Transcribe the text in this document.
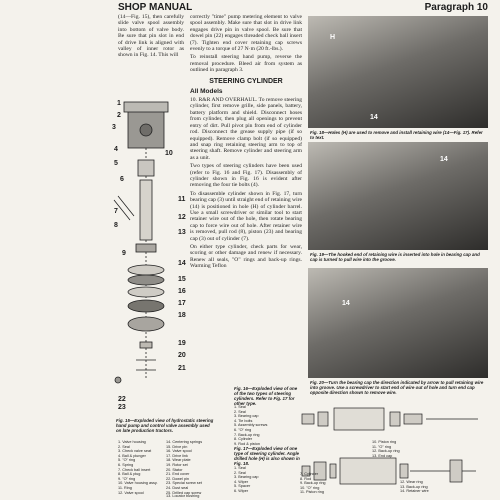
SHOP MANUAL	Paragraph 10

(14—Fig. 15), then carefully slide valve spool assembly into bottom of valve body. Be sure that pin slot in end of drive link is aligned with valley of inner rotor as shown in Fig. 14. This will

correctly "time" pump metering element to valve spool assembly. Make sure that slot in drive link engages drive pin in valve spool. Be sure that dowel pin (22) engages threaded check ball insert (7). Tighten end cover retaining cap screws evenly to a torque of 27 N·m (20 ft.-lbs.).

To reinstall steering hand pump, reverse the removal procedure. Bleed air from system as outlined in paragraph 3.

STEERING CYLINDER
All Models

10. R&R AND OVERHAUL. To remove steering cylinder, first remove grille, side panels, battery, battery platform and shield. Disconnect hoses from cylinder, then plug all openings to prevent entry of dirt. Pull pivot pin from end of cylinder rod. Disconnect the grease supply pipe (if so equipped). Remove clamp bolt (if so equipped) and snap ring retaining steering arm to top of steering shaft. Remove cylinder and steering arm as a unit.

Two types of steering cylinders have been used (refer to Fig. 16 and Fig. 17). Disassembly of cylinder shown in Fig. 16 is evident after removing the four tie bolts (4).

To disassemble cylinder shown in Fig. 17, turn bearing cap (3) until straight end of retaining wire (14) is positioned in hole (H) of cylinder barrel. Use a small screwdriver or similar tool to start retainer wire out of the hole, then rotate bearing cap to force wire out of hole. After retainer wire is removed, pull rod (8), piston (23) and bearing cap (3) out of cylinder (7).

On either type cylinder, check parts for wear, scoring or other damage and renew if necessary. Renew all seals, "O" rings and back-up rings. Warming Teflon

1
2
3
4
5
6
7
8
9
10
11
12
13
14
15
16
17
18
19
20
21
22
23
Fig. 15—Exploded view of hydrostatic steering hand pump and control valve assembly used on late production tractors.
1. Valve housing
2. Seal
3. Check valve seat
4. Ball & plunger
5. "O" ring
6. Spring
7. Check ball insert
8. Ball & plug
9. "O" ring
10. Valve housing assy.
11. Ring
12. Valve spool
14. Centering springs
15. Drive pin
16. Valve spool
17. Drive link
18. Wear plate
19. Rotor set
20. Stator
21. End cover
22. Dowel pin
23. Special screw set
24. Dust seal
25. Drilled cap screw
13. Locator bushing
H
14
Fig. 18—Holes (H) are used to remove and install retaining wire (14—Fig. 17). Refer to text.
14
Fig. 19—The hooked end of retaining wire is inserted into hole in bearing cap and cap is turned to pull wire into the groove.
14
Fig. 20—Turn the bearing cap the direction indicated by arrow to pull retaining wire into groove. Use a screwdriver to start end of wire out of hole and turn end cap opposite direction shown to remove wire.
Fig. 16—Exploded view of one of the two types of steering cylinders. Refer to Fig. 17 for other type.
1. Seal
2. Seal
3. Bearing cap
4. Tie bolts
5. Assembly screws
6. "O" ring
7. Back-up ring
8. Cylinder
9. Rod & piston	10. Piston ring
11. "O" ring
12. Back-up ring
13. End cap
Fig. 17—Exploded view of one type of steering cylinder. Angle drilled hole (H) is also shown in Fig. 18.
1. Seal
2. Seal
3. Bearing cap
4. Wiper
5. Spacer
6. Wiper
7. Cylinder
8. Rod
9. Back-up ring
10. "O" ring
11. Piston ring
12. Wear ring
13. Back-up ring
14. Retainer wire
